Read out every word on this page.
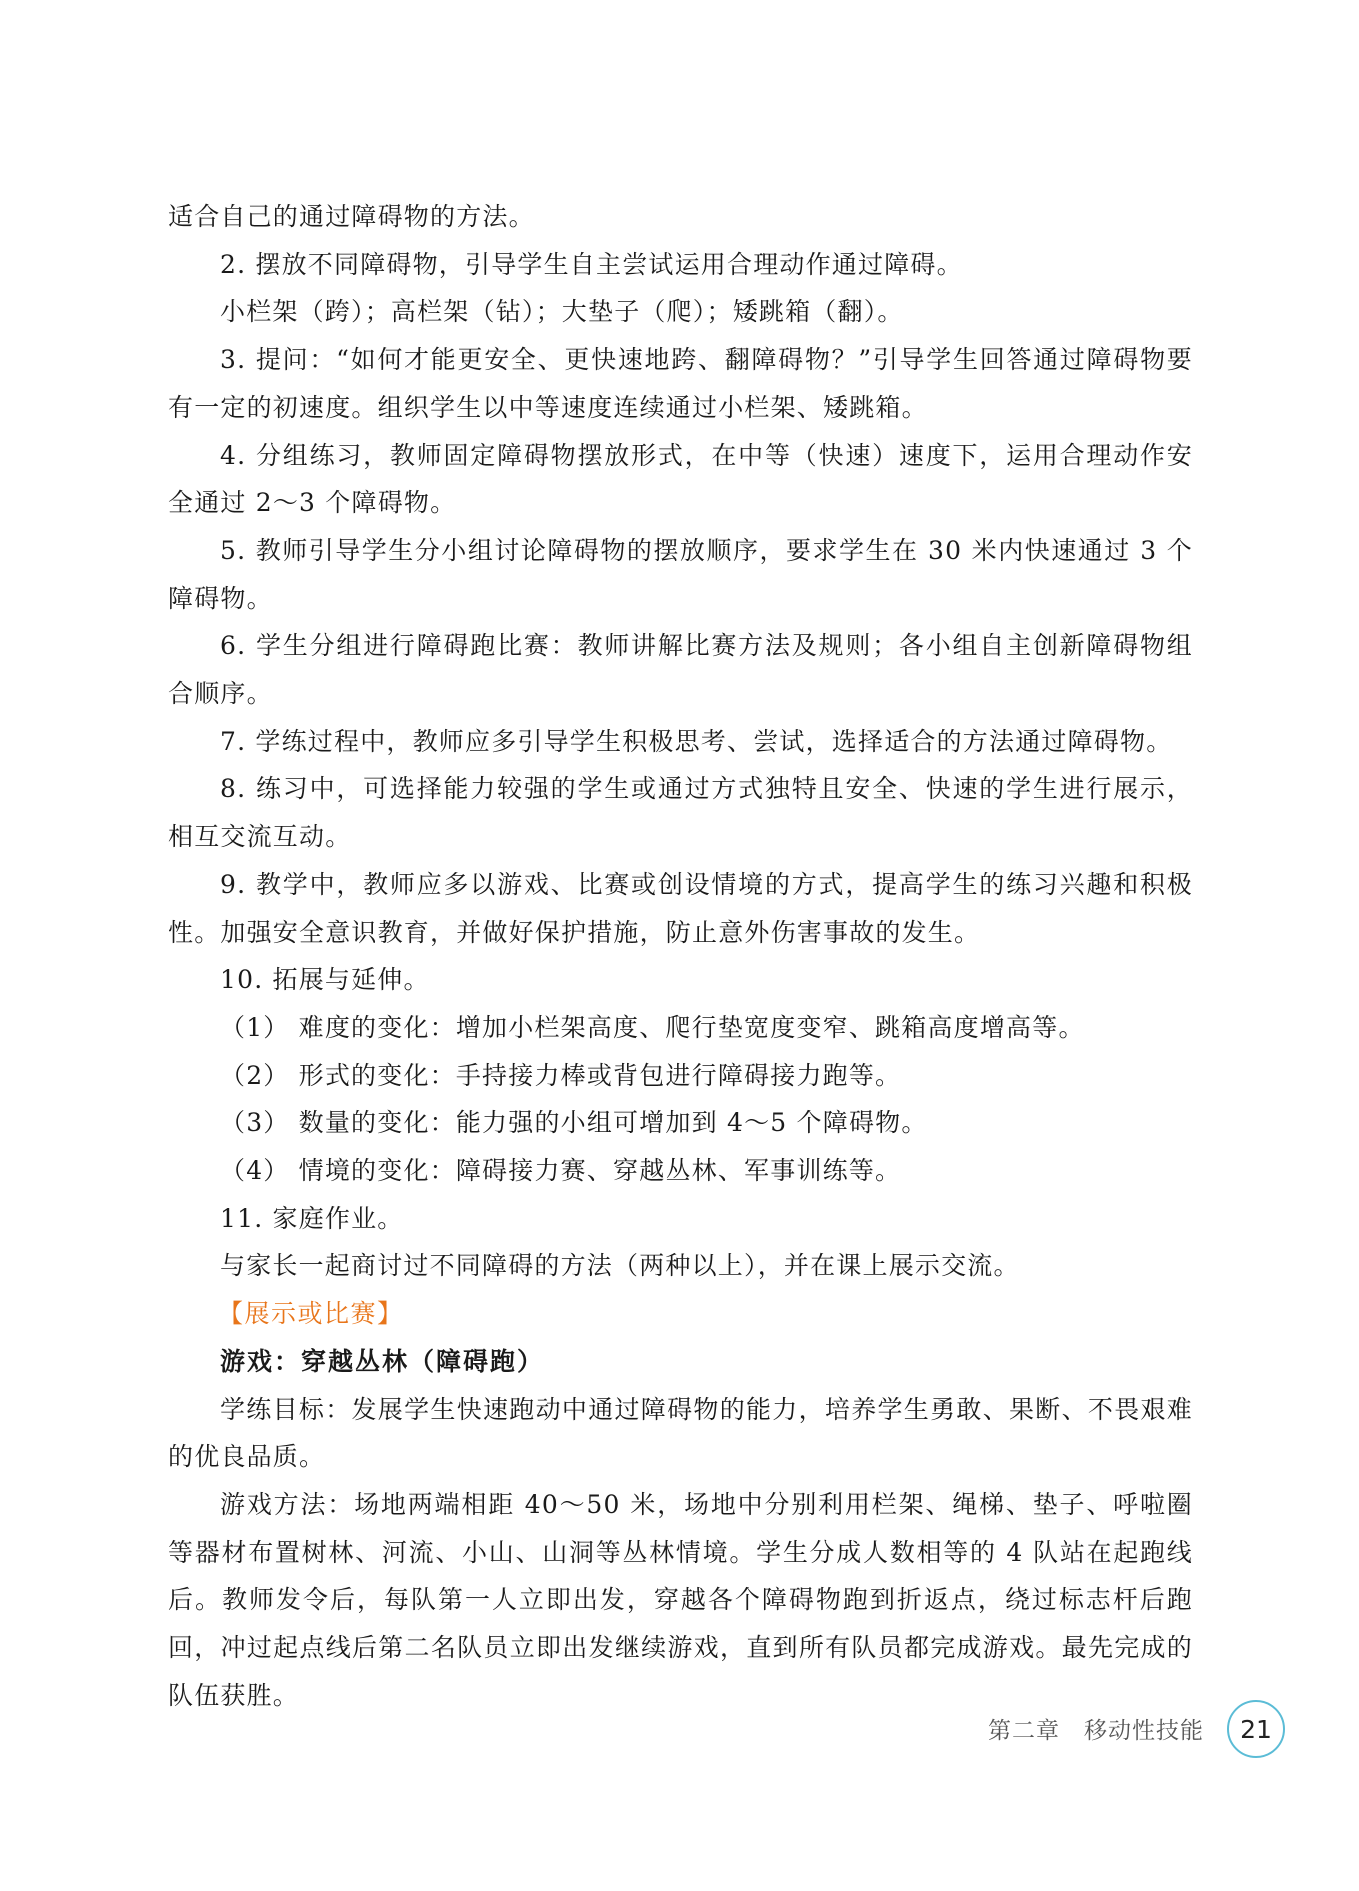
适合自己的通过障碍物的方法。

2. 摆放不同障碍物，引导学生自主尝试运用合理动作通过障碍。

小栏架（跨）；高栏架（钻）；大垫子（爬）；矮跳箱（翻）。

3. 提问：“如何才能更安全、更快速地跨、翻障碍物？”引导学生回答通过障碍物要有一定的初速度。组织学生以中等速度连续通过小栏架、矮跳箱。

4. 分组练习，教师固定障碍物摆放形式，在中等（快速）速度下，运用合理动作安全通过 2～3 个障碍物。

5. 教师引导学生分小组讨论障碍物的摆放顺序，要求学生在 30 米内快速通过 3 个障碍物。

6. 学生分组进行障碍跑比赛：教师讲解比赛方法及规则；各小组自主创新障碍物组合顺序。

7. 学练过程中，教师应多引导学生积极思考、尝试，选择适合的方法通过障碍物。

8. 练习中，可选择能力较强的学生或通过方式独特且安全、快速的学生进行展示，相互交流互动。

9. 教学中，教师应多以游戏、比赛或创设情境的方式，提高学生的练习兴趣和积极性。加强安全意识教育，并做好保护措施，防止意外伤害事故的发生。

10. 拓展与延伸。

（1） 难度的变化：增加小栏架高度、爬行垫宽度变窄、跳箱高度增高等。

（2） 形式的变化：手持接力棒或背包进行障碍接力跑等。

（3） 数量的变化：能力强的小组可增加到 4～5 个障碍物。

（4） 情境的变化：障碍接力赛、穿越丛林、军事训练等。

11. 家庭作业。

与家长一起商讨过不同障碍的方法（两种以上），并在课上展示交流。

【展示或比赛】

游戏：穿越丛林（障碍跑）

学练目标：发展学生快速跑动中通过障碍物的能力，培养学生勇敢、果断、不畏艰难的优良品质。

游戏方法：场地两端相距 40～50 米，场地中分别利用栏架、绳梯、垫子、呼啦圈等器材布置树林、河流、小山、山洞等丛林情境。学生分成人数相等的 4 队站在起跑线后。教师发令后，每队第一人立即出发，穿越各个障碍物跑到折返点，绕过标志杆后跑回，冲过起点线后第二名队员立即出发继续游戏，直到所有队员都完成游戏。最先完成的队伍获胜。

第二章　移动性技能	21
